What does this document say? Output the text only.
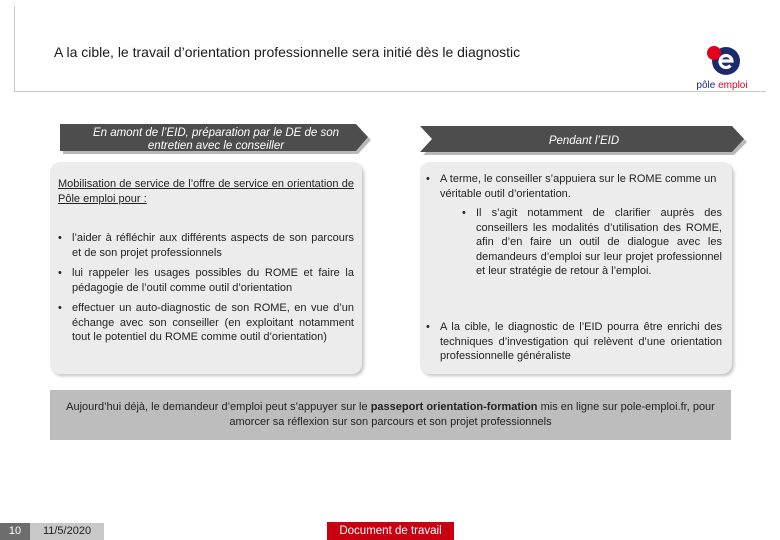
A la cible, le travail d’orientation professionnelle sera initié dès le diagnostic
pôle emploi
En amont de l’EID, préparation par le DE de son entretien avec le conseiller	Pendant l’EID
Mobilisation de service de l’offre de service en orientation de Pôle emploi pour :
• l’aider à réfléchir aux différents aspects de son parcours et de son projet professionnels
• lui rappeler les usages possibles du ROME et faire la pédagogie de l’outil comme outil d’orientation
• effectuer un auto-diagnostic de son ROME, en vue d’un échange avec son conseiller (en exploitant notamment tout le potentiel du ROME comme outil d’orientation)
• A terme, le conseiller s’appuiera sur le ROME comme un véritable outil d’orientation.
• Il s’agit notamment de clarifier auprès des conseillers les modalités d’utilisation des ROME, afin d’en faire un outil de dialogue avec les demandeurs d’emploi sur leur projet professionnel et leur stratégie de retour à l’emploi.
• A la cible, le diagnostic de l’EID pourra être enrichi des techniques d’investigation qui relèvent d’une orientation professionnelle généraliste
Aujourd’hui déjà, le demandeur d’emploi peut s’appuyer sur le passeport orientation-formation mis en ligne sur pole-emploi.fr, pour amorcer sa réflexion sur son parcours et son projet professionnels
10	11/5/2020	Document de travail
